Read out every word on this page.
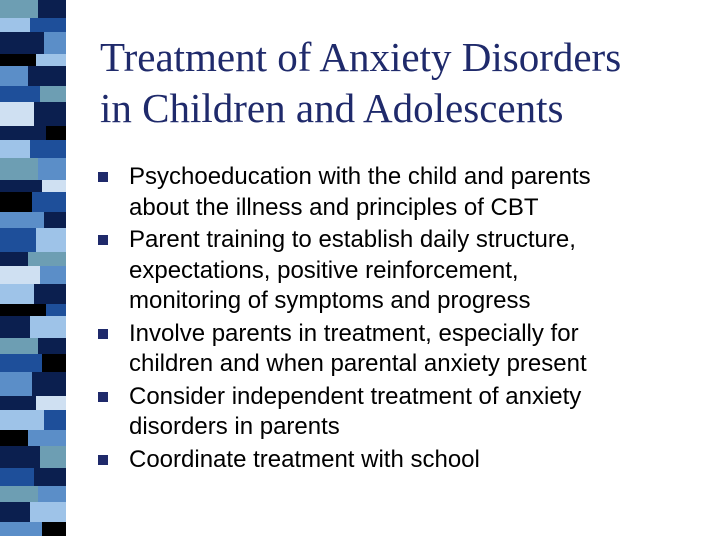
Treatment of Anxiety Disorders
in Children and Adolescents
Psychoeducation with the child and parents
about the illness and principles of CBT
Parent training to establish daily structure,
expectations, positive reinforcement,
monitoring of symptoms and progress
Involve parents in treatment, especially for
children and when parental anxiety present
Consider independent treatment of anxiety
disorders in parents
Coordinate treatment with school
